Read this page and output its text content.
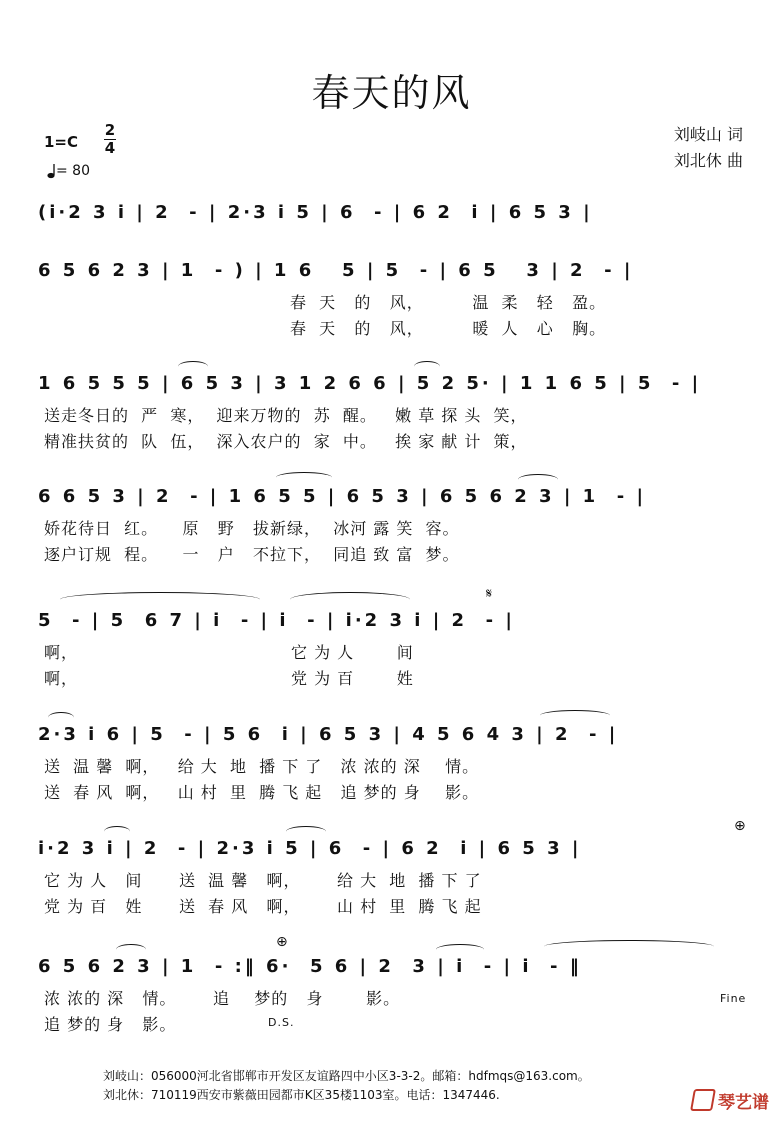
春天的风
1=C
2
4
= 80
刘岐山 词
刘北休 曲
(i·2 3 i | 2  - | 2·3 i 5 | 6  - | 6 2  i | 6 5 3 |
6 5 6 2 3 | 1  - ) | 1 6   5 | 5  - | 6 5   3 | 2  - |
春  天   的   风，        温  柔   轻   盈。
春  天   的   风，        暖  人   心   胸。
1 6 5 5 5 | 6 5 3 | 3 1 2 6 6 | 5 2 5· | 1 1 6 5 | 5  - |
送走冬日的  严  寒，  迎来万物的  苏  醒。   嫩 草 探 头  笑，
精准扶贫的  队  伍，  深入农户的  家  中。   挨 家 献 计  策，
6 6 5 3 | 2  - | 1 6 5 5 | 6 5 3 | 6 5 6 2 3 | 1  - |
娇花待日  红。    原   野   拔新绿，  冰河 露 笑  容。
逐户订规  程。    一   户   不拉下，  同追 致 富  梦。
𝄋
5  - | 5  6 7 | i  - | i  - | i·2 3 i | 2  - |
啊，                                   它 为 人       间
啊，                                   党 为 百       姓
2·3 i 6 | 5  - | 5 6  i | 6 5 3 | 4 5 6 4 3 | 2  - |
送  温 馨  啊，   给 大  地  播 下 了   浓 浓的 深    情。
送  春 风  啊，   山 村  里  腾 飞 起   追 梦的 身    影。
⊕
i·2 3 i | 2  - | 2·3 i 5 | 6  - | 6 2  i | 6 5 3 |
它 为 人   间      送  温 馨   啊，      给 大  地  播 下 了
党 为 百   姓      送  春 风   啊，      山 村  里  腾 飞 起
⊕
6 5 6 2 3 | 1  - :‖ 6·  5 6 | 2  3 | i  - | i  - ‖
浓 浓的 深   情。      追    梦的   身       影。
追 梦的 身   影。
Fine
D.S.
刘岐山：056000河北省邯郸市开发区友谊路四中小区3-3-2。邮箱：hdfmqs@163.com。
刘北休：710119西安市紫薇田园都市K区35楼1103室。电话：1347446.	琴艺谱
